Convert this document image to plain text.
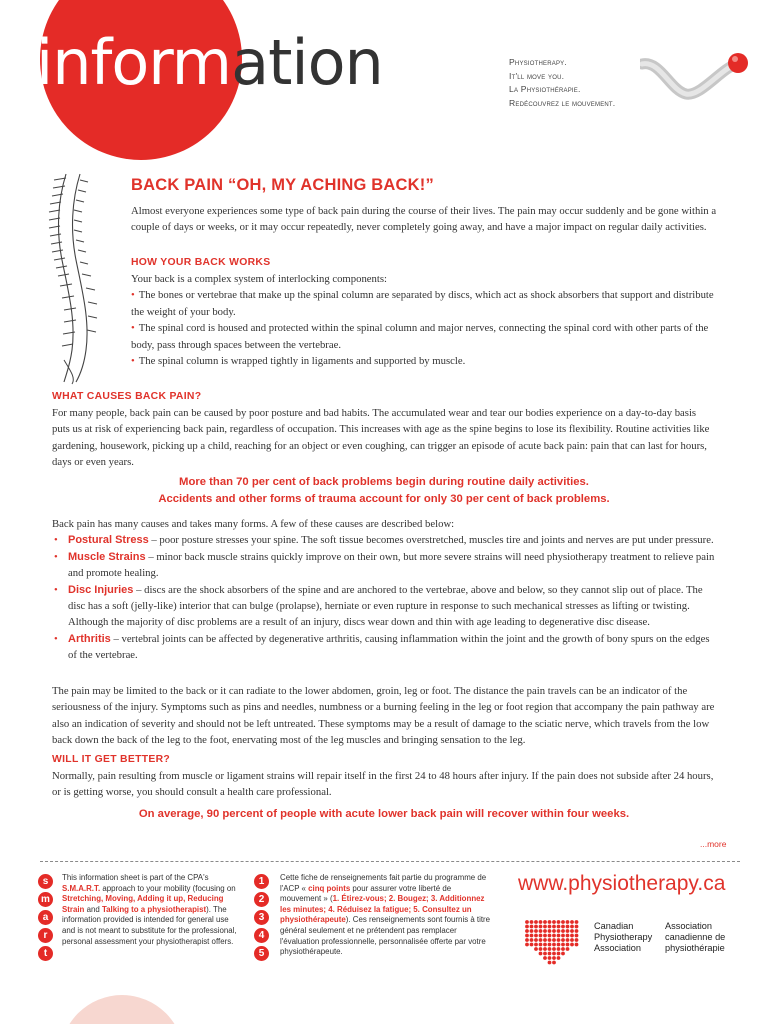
information	Physiotherapy.
It'll move you.
La Physiothérapie.
Redécouvrez le mouvement.
BACK PAIN “OH, MY ACHING BACK!”

Almost everyone experiences some type of back pain during the course of their lives. The pain may occur suddenly and be gone within a couple of days or weeks, or it may occur repeatedly, never completely going away, and have a major impact on regular daily activities.

HOW YOUR BACK WORKS
Your back is a complex system of interlocking components:
• The bones or vertebrae that make up the spinal column are separated by discs, which act as shock absorbers that support and distribute the weight of your body.
• The spinal cord is housed and protected within the spinal column and major nerves, connecting the spinal cord with other parts of the body, pass through spaces between the vertebrae.
• The spinal column is wrapped tightly in ligaments and supported by muscle.
WHAT CAUSES BACK PAIN?

For many people, back pain can be caused by poor posture and bad habits. The accumulated wear and tear our bodies experience on a day-to-day basis puts us at risk of experiencing back pain, regardless of occupation. This increases with age as the spine begins to lose its flexibility. Routine activities like gardening, housework, picking up a child, reaching for an object or even coughing, can trigger an episode of acute back pain: pain that can last for hours, days or even years.

More than 70 per cent of back problems begin during routine daily activities.
Accidents and other forms of trauma account for only 30 per cent of back problems.
Back pain has many causes and takes many forms. A few of these causes are described below:
• Postural Stress – poor posture stresses your spine. The soft tissue becomes overstretched, muscles tire and joints and nerves are put under pressure.
• Muscle Strains – minor back muscle strains quickly improve on their own, but more severe strains will need physiotherapy treatment to relieve pain and promote healing.
• Disc Injuries – discs are the shock absorbers of the spine and are anchored to the vertebrae, above and below, so they cannot slip out of place. The disc has a soft (jelly-like) interior that can bulge (prolapse), herniate or even rupture in response to such mechanical stresses as lifting or twisting. Although the majority of disc problems are a result of an injury, discs wear down and thin with age leading to degenerative disc disease.
• Arthritis – vertebral joints can be affected by degenerative arthritis, causing inflammation within the joint and the growth of bony spurs on the edges of the vertebrae.

The pain may be limited to the back or it can radiate to the lower abdomen, groin, leg or foot. The distance the pain travels can be an indicator of the seriousness of the injury. Symptoms such as pins and needles, numbness or a burning feeling in the leg or foot region that accompany the pain pathway are also an indication of severity and should not be left untreated. These symptoms may be a result of damage to the sciatic nerve, which travels from the low back down the back of the leg to the foot, enervating most of the leg muscles and bringing sensation to the leg.

WILL IT GET BETTER?

Normally, pain resulting from muscle or ligament strains will repair itself in the first 24 to 48 hours after injury. If the pain does not subside after 24 hours, or is getting worse, you should consult a health care professional.

On average, 90 percent of people with acute lower back pain will recover within four weeks.
...more
s
m
a
r
t

This information sheet is part of the CPA's S.M.A.R.T. approach to your mobility (focusing on Stretching, Moving, Adding it up, Reducing Strain and Talking to a physiotherapist). The information provided is intended for general use and is not meant to substitute for the professional, personal assessment your physiotherapist offers.

1
2
3
4
5

Cette fiche de renseignements fait partie du programme de l'ACP « cinq points pour assurer votre liberté de mouvement » (1. Étirez-vous; 2. Bougez; 3. Additionnez les minutes; 4. Réduisez la fatigue; 5. Consultez un physiothérapeute). Ces renseignements sont fournis à titre général seulement et ne prétendent pas remplacer l'évaluation professionnelle, personnalisée offerte par votre physiothérapeute.

www.physiotherapy.ca
Canadian
Physiotherapy
Association
Association
canadienne de
physiothérapie
